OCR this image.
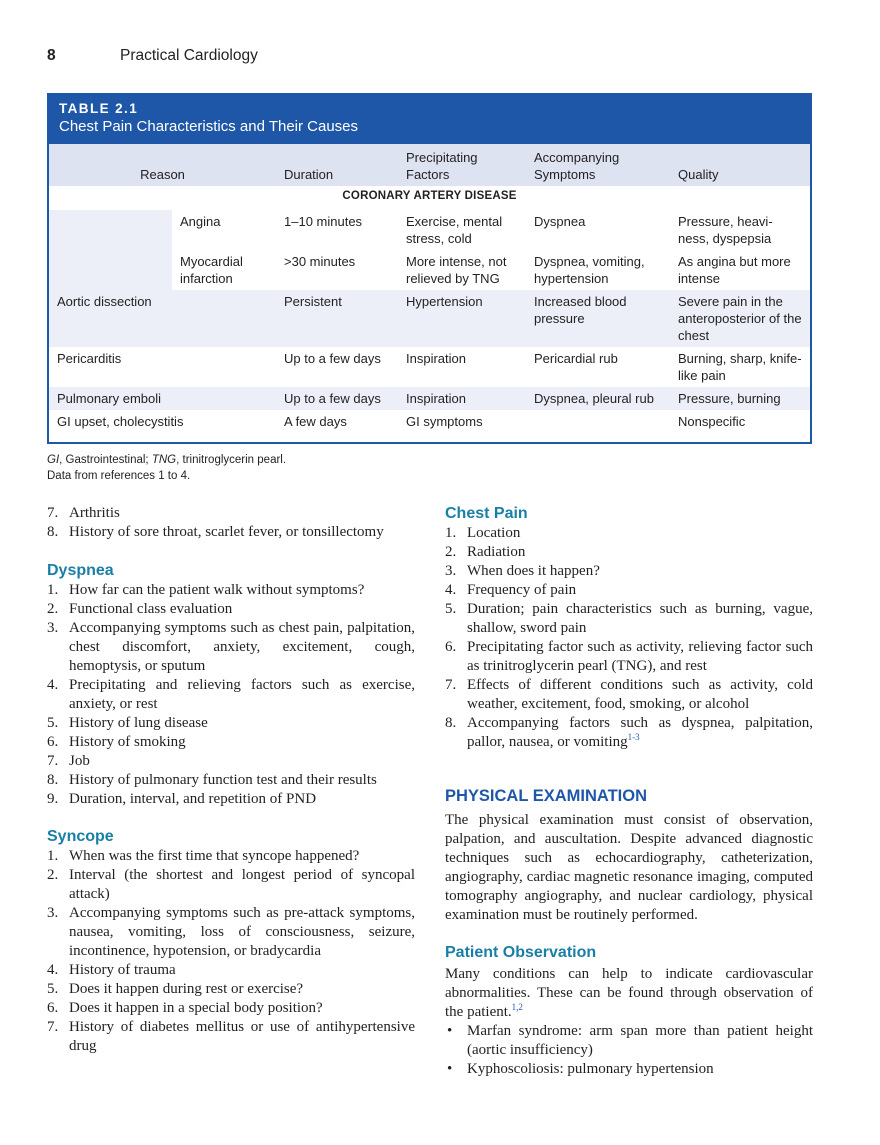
8	Practical Cardiology
TABLE 2.1
Chest Pain Characteristics and Their Causes
Reason		Duration	Precipitating Factors	Accompanying Symptoms	Quality
CORONARY ARTERY DISEASE					
	Angina	1–10 minutes	Exercise, mental stress, cold	Dyspnea	Pressure, heavi-ness, dyspepsia
	Myocardial infarction	>30 minutes	More intense, not relieved by TNG	Dyspnea, vomiting, hypertension	As angina but more intense
Aortic dissection		Persistent	Hypertension	Increased blood pressure	Severe pain in the anteroposterior of the chest
Pericarditis		Up to a few days	Inspiration	Pericardial rub	Burning, sharp, knife-like pain
Pulmonary emboli		Up to a few days	Inspiration	Dyspnea, pleural rub	Pressure, burning
GI upset, cholecystitis		A few days	GI symptoms		Nonspecific
GI, Gastrointestinal; TNG, trinitroglycerin pearl.
Data from references 1 to 4.
7. Arthritis
8. History of sore throat, scarlet fever, or tonsillectomy
Dyspnea
1. How far can the patient walk without symptoms?
2. Functional class evaluation
3. Accompanying symptoms such as chest pain, palpitation, chest discomfort, anxiety, excitement, cough, hemoptysis, or sputum
4. Precipitating and relieving factors such as exercise, anxiety, or rest
5. History of lung disease
6. History of smoking
7. Job
8. History of pulmonary function test and their results
9. Duration, interval, and repetition of PND
Syncope
1. When was the first time that syncope happened?
2. Interval (the shortest and longest period of syncopal attack)
3. Accompanying symptoms such as pre-attack symptoms, nausea, vomiting, loss of consciousness, seizure, incontinence, hypotension, or bradycardia
4. History of trauma
5. Does it happen during rest or exercise?
6. Does it happen in a special body position?
7. History of diabetes mellitus or use of antihypertensive drug
Chest Pain
1. Location
2. Radiation
3. When does it happen?
4. Frequency of pain
5. Duration; pain characteristics such as burning, vague, shallow, sword pain
6. Precipitating factor such as activity, relieving factor such as trinitroglycerin pearl (TNG), and rest
7. Effects of different conditions such as activity, cold weather, excitement, food, smoking, or alcohol
8. Accompanying factors such as dyspnea, palpitation, pallor, nausea, or vomiting$^{1-3}$
PHYSICAL EXAMINATION

The physical examination must consist of observation, palpation, and auscultation. Despite advanced diagnostic techniques such as echocardiography, catheterization, angiography, cardiac magnetic resonance imaging, computed tomography angiography, and nuclear cardiology, physical examination must be routinely performed.

Patient Observation

Many conditions can help to indicate cardiovascular abnormalities. These can be found through observation of the patient.$^{1,2}$

• Marfan syndrome: arm span more than patient height (aortic insufficiency)
• Kyphoscoliosis: pulmonary hypertension
